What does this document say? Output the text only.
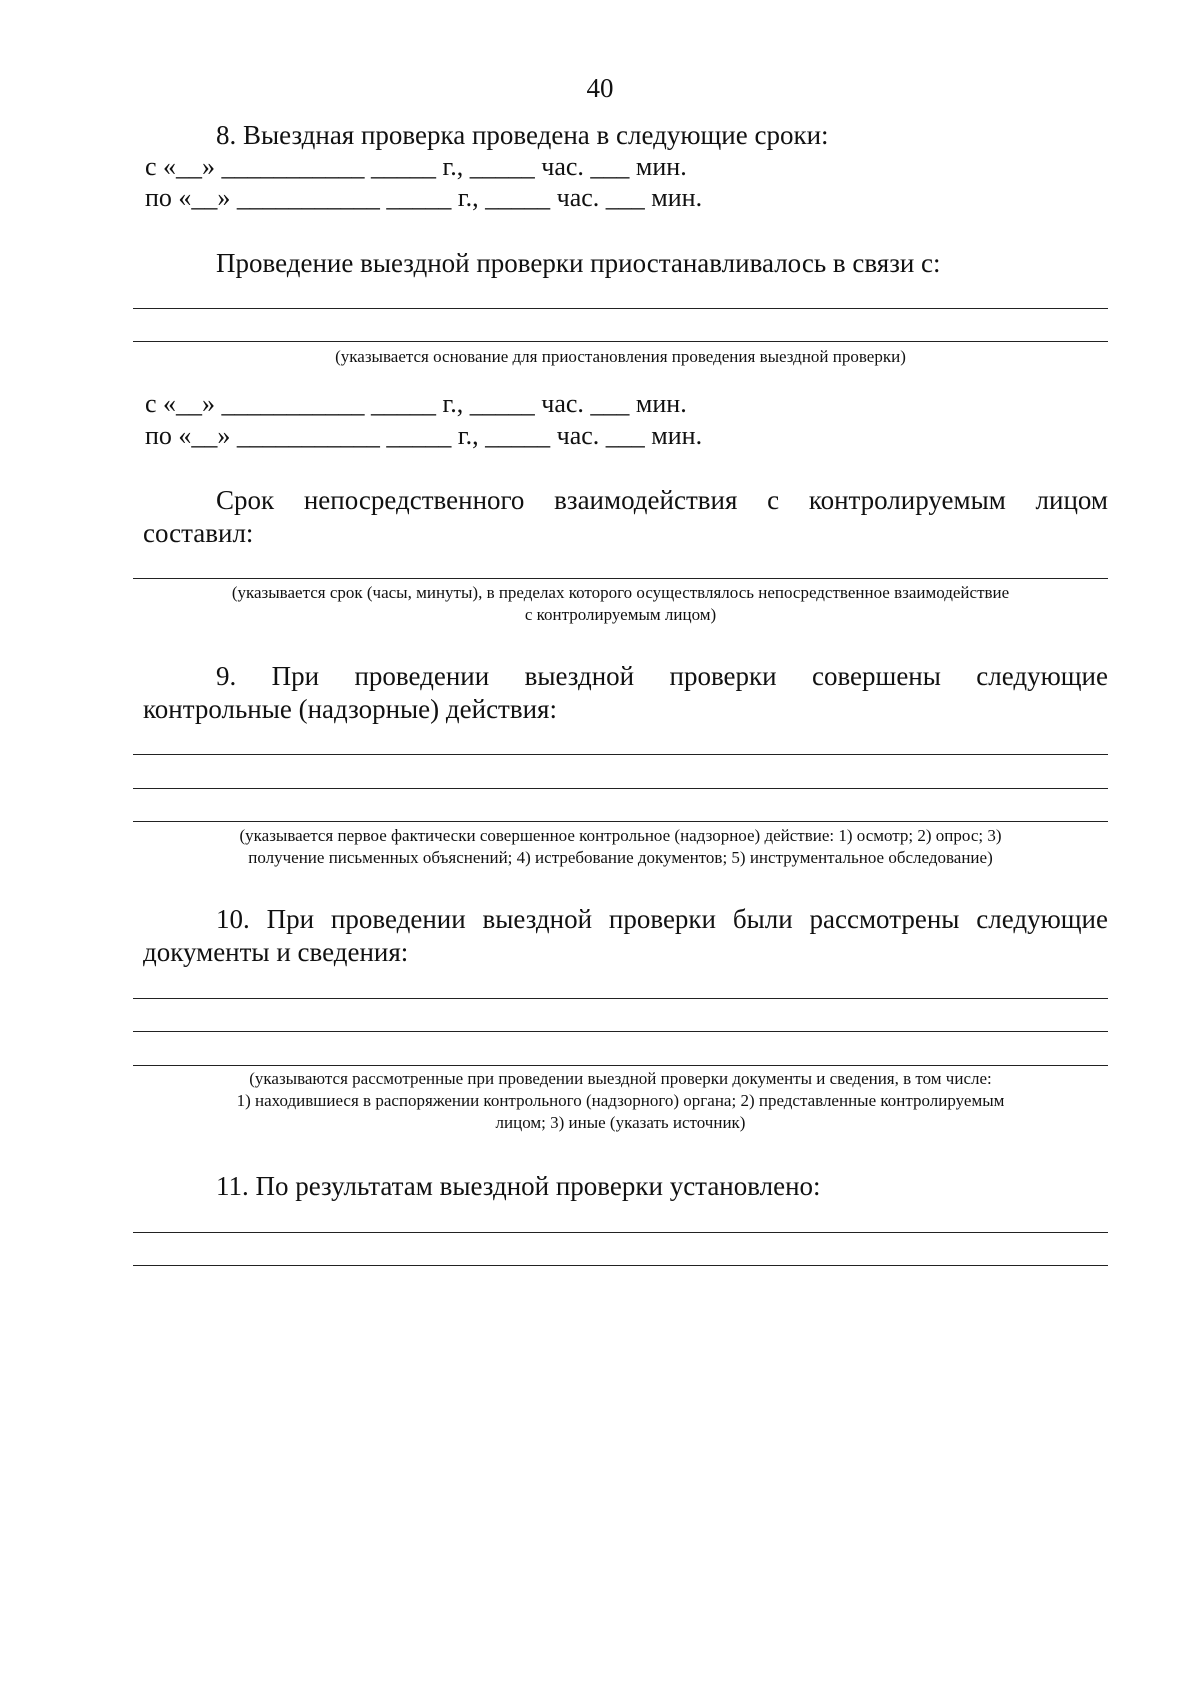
40
8. Выездная проверка проведена в следующие сроки:
с «__» ___________ _____ г., _____ час. ___ мин.
по «__» ___________ _____ г., _____ час. ___ мин.
Проведение выездной проверки приостанавливалось в связи с:
(указывается основание для приостановления проведения выездной проверки)
с «__» ___________ _____ г., _____ час. ___ мин.
по «__» ___________ _____ г., _____ час. ___ мин.
Срок непосредственного взаимодействия с контролируемым лицом
составил:
(указывается срок (часы, минуты), в пределах которого осуществлялось непосредственное взаимодействие
с контролируемым лицом)
9. При проведении выездной проверки совершены следующие
контрольные (надзорные) действия:
(указывается первое фактически совершенное контрольное (надзорное) действие: 1) осмотр; 2) опрос; 3)
получение письменных объяснений; 4) истребование документов; 5) инструментальное обследование)
10. При проведении выездной проверки были рассмотрены следующие
документы и сведения:
(указываются рассмотренные при проведении выездной проверки документы и сведения, в том числе:
1) находившиеся в распоряжении контрольного (надзорного) органа; 2) представленные контролируемым
лицом; 3) иные (указать источник)
11. По результатам выездной проверки установлено:
